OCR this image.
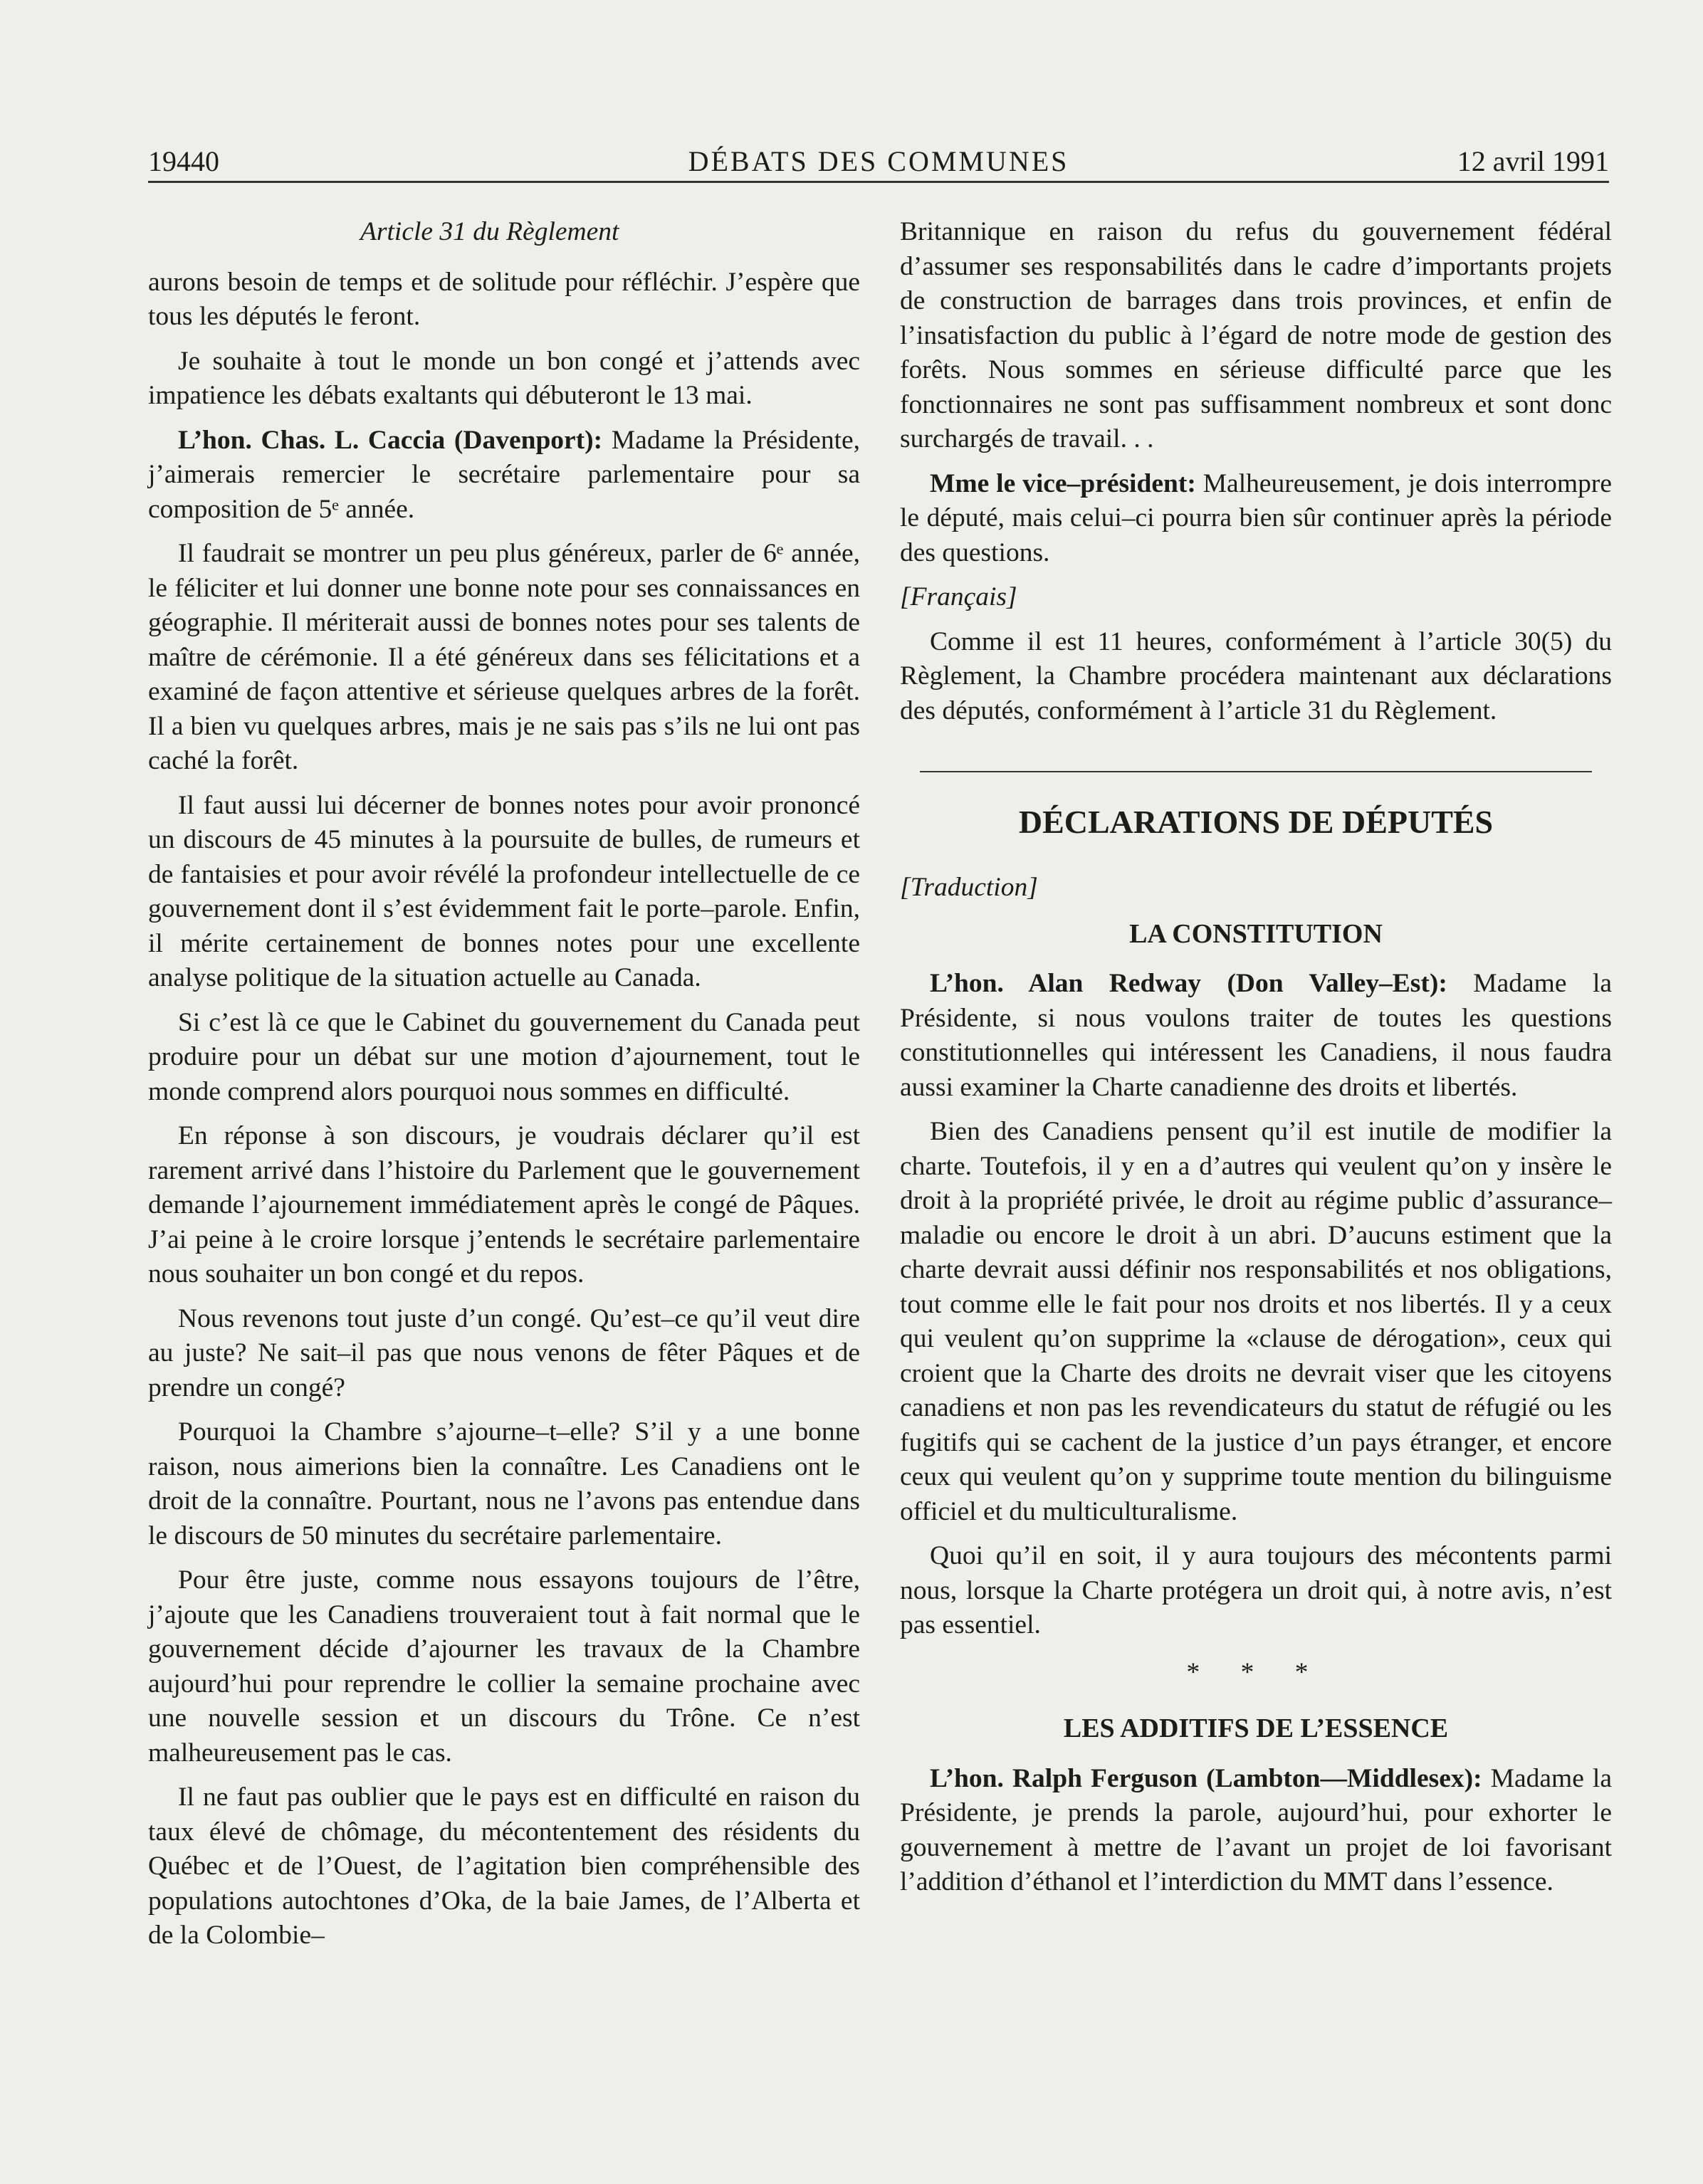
19440	DÉBATS DES COMMUNES	12 avril 1991
Article 31 du Règlement

aurons besoin de temps et de solitude pour réfléchir. J’espère que tous les députés le feront.

Je souhaite à tout le monde un bon congé et j’attends avec impatience les débats exaltants qui débuteront le 13 mai.

L’hon. Chas. L. Caccia (Davenport): Madame la Présidente, j’aimerais remercier le secrétaire parlementaire pour sa composition de 5ᵉ année.

Il faudrait se montrer un peu plus généreux, parler de 6ᵉ année, le féliciter et lui donner une bonne note pour ses connaissances en géographie. Il mériterait aussi de bonnes notes pour ses talents de maître de cérémonie. Il a été généreux dans ses félicitations et a examiné de façon attentive et sérieuse quelques arbres de la forêt. Il a bien vu quelques arbres, mais je ne sais pas s’ils ne lui ont pas caché la forêt.

Il faut aussi lui décerner de bonnes notes pour avoir prononcé un discours de 45 minutes à la poursuite de bulles, de rumeurs et de fantaisies et pour avoir révélé la profondeur intellectuelle de ce gouvernement dont il s’est évidemment fait le porte–parole. Enfin, il mérite certainement de bonnes notes pour une excellente analyse politique de la situation actuelle au Canada.

Si c’est là ce que le Cabinet du gouvernement du Canada peut produire pour un débat sur une motion d’ajournement, tout le monde comprend alors pourquoi nous sommes en difficulté.

En réponse à son discours, je voudrais déclarer qu’il est rarement arrivé dans l’histoire du Parlement que le gouvernement demande l’ajournement immédiatement après le congé de Pâques. J’ai peine à le croire lorsque j’entends le secrétaire parlementaire nous souhaiter un bon congé et du repos.

Nous revenons tout juste d’un congé. Qu’est–ce qu’il veut dire au juste? Ne sait–il pas que nous venons de fêter Pâques et de prendre un congé?

Pourquoi la Chambre s’ajourne–t–elle? S’il y a une bonne raison, nous aimerions bien la connaître. Les Canadiens ont le droit de la connaître. Pourtant, nous ne l’avons pas entendue dans le discours de 50 minutes du secrétaire parlementaire.

Pour être juste, comme nous essayons toujours de l’être, j’ajoute que les Canadiens trouveraient tout à fait normal que le gouvernement décide d’ajourner les travaux de la Chambre aujourd’hui pour reprendre le collier la semaine prochaine avec une nouvelle session et un discours du Trône. Ce n’est malheureusement pas le cas.

Il ne faut pas oublier que le pays est en difficulté en raison du taux élevé de chômage, du mécontentement des résidents du Québec et de l’Ouest, de l’agitation bien compréhensible des populations autochtones d’Oka, de la baie James, de l’Alberta et de la Colombie–

Britannique en raison du refus du gouvernement fédéral d’assumer ses responsabilités dans le cadre d’importants projets de construction de barrages dans trois provinces, et enfin de l’insatisfaction du public à l’égard de notre mode de gestion des forêts. Nous sommes en sérieuse difficulté parce que les fonctionnaires ne sont pas suffisamment nombreux et sont donc surchargés de travail. . .

Mme le vice–président: Malheureusement, je dois interrompre le député, mais celui–ci pourra bien sûr continuer après la période des questions.

[Français]

Comme il est 11 heures, conformément à l’article 30(5) du Règlement, la Chambre procédera maintenant aux déclarations des députés, conformément à l’article 31 du Règlement.

DÉCLARATIONS DE DÉPUTÉS
[Traduction]
LA CONSTITUTION

L’hon. Alan Redway (Don Valley–Est): Madame la Présidente, si nous voulons traiter de toutes les questions constitutionnelles qui intéressent les Canadiens, il nous faudra aussi examiner la Charte canadienne des droits et libertés.

Bien des Canadiens pensent qu’il est inutile de modifier la charte. Toutefois, il y en a d’autres qui veulent qu’on y insère le droit à la propriété privée, le droit au régime public d’assurance–maladie ou encore le droit à un abri. D’aucuns estiment que la charte devrait aussi définir nos responsabilités et nos obligations, tout comme elle le fait pour nos droits et nos libertés. Il y a ceux qui veulent qu’on supprime la «clause de dérogation», ceux qui croient que la Charte des droits ne devrait viser que les citoyens canadiens et non pas les revendicateurs du statut de réfugié ou les fugitifs qui se cachent de la justice d’un pays étranger, et encore ceux qui veulent qu’on y supprime toute mention du bilinguisme officiel et du multiculturalisme.

Quoi qu’il en soit, il y aura toujours des mécontents parmi nous, lorsque la Charte protégera un droit qui, à notre avis, n’est pas essentiel.

* * *
LES ADDITIFS DE L’ESSENCE

L’hon. Ralph Ferguson (Lambton—Middlesex): Madame la Présidente, je prends la parole, aujourd’hui, pour exhorter le gouvernement à mettre de l’avant un projet de loi favorisant l’addition d’éthanol et l’interdiction du MMT dans l’essence.
